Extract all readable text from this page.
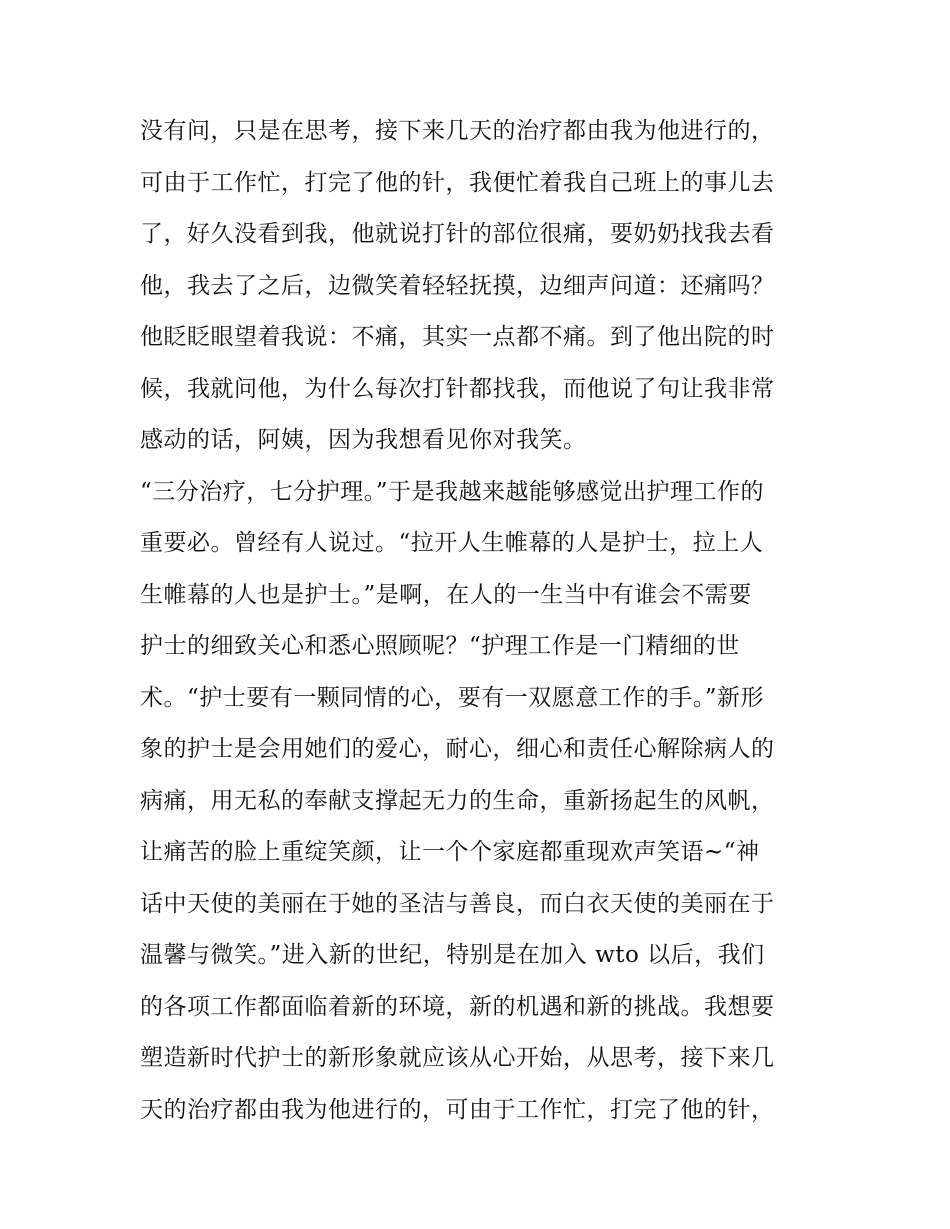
没有问，只是在思考，接下来几天的治疗都由我为他进行的，
可由于工作忙，打完了他的针，我便忙着我自己班上的事儿去
了，好久没看到我，他就说打针的部位很痛，要奶奶找我去看
他，我去了之后，边微笑着轻轻抚摸，边细声问道：还痛吗？
他眨眨眼望着我说：不痛，其实一点都不痛。到了他出院的时
候，我就问他，为什么每次打针都找我，而他说了句让我非常
感动的话，阿姨，因为我想看见你对我笑。
“三分治疗，七分护理。”于是我越来越能够感觉出护理工作的
重要必。曾经有人说过。“拉开人生帷幕的人是护士，拉上人
生帷幕的人也是护士。”是啊，在人的一生当中有谁会不需要
护士的细致关心和悉心照顾呢？“护理工作是一门精细的世
术。“护士要有一颗同情的心，要有一双愿意工作的手。”新形
象的护士是会用她们的爱心，耐心，细心和责任心解除病人的
病痛，用无私的奉献支撑起无力的生命，重新扬起生的风帆，
让痛苦的脸上重绽笑颜，让一个个家庭都重现欢声笑语~“神
话中天使的美丽在于她的圣洁与善良，而白衣天使的美丽在于
温馨与微笑。”进入新的世纪，特别是在加入 wto 以后，我们
的各项工作都面临着新的环境，新的机遇和新的挑战。我想要
塑造新时代护士的新形象就应该从心开始，从思考，接下来几
天的治疗都由我为他进行的，可由于工作忙，打完了他的针，
